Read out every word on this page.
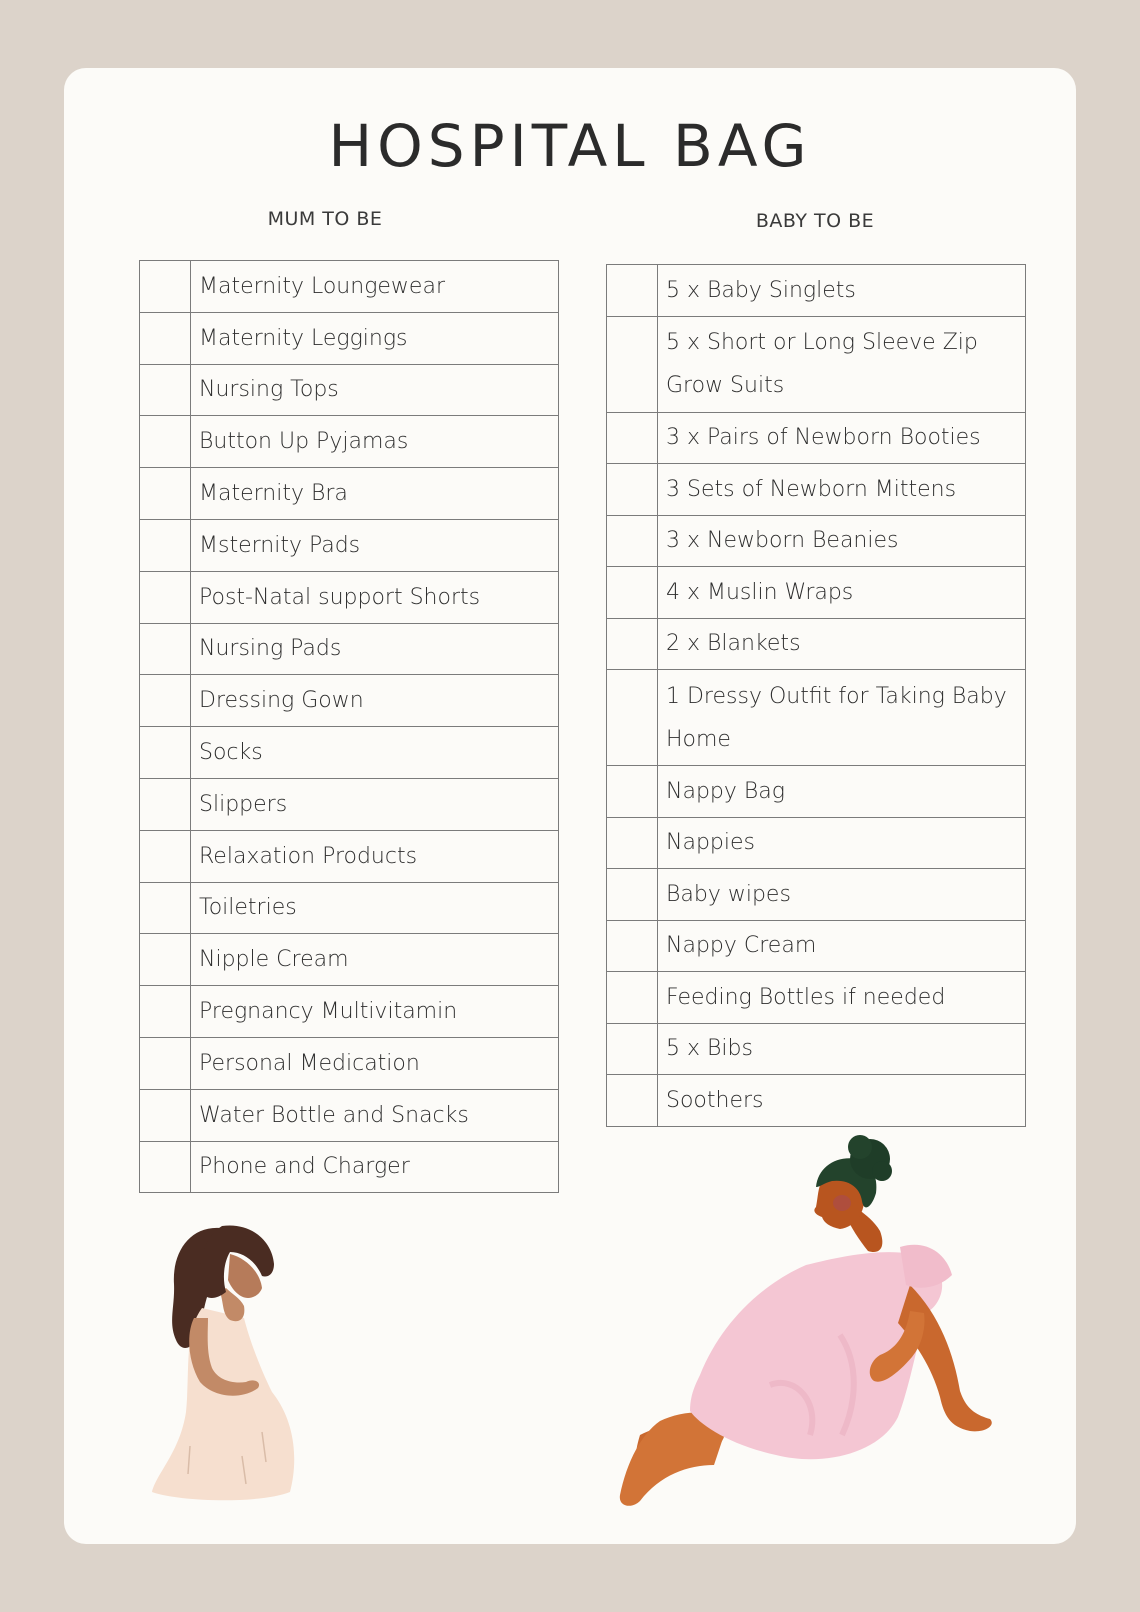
HOSPITAL BAG
MUM TO BE	BABY TO BE
	Maternity Loungewear
	Maternity Leggings
	Nursing Tops
	Button Up Pyjamas
	Maternity Bra
	Msternity Pads
	Post-Natal support Shorts
	Nursing Pads
	Dressing Gown
	Socks
	Slippers
	Relaxation Products
	Toiletries
	Nipple Cream
	Pregnancy Multivitamin
	Personal Medication
	Water Bottle and Snacks
	Phone and Charger
	5 x Baby Singlets
	5 x Short or Long Sleeve Zip Grow Suits
	3 x Pairs of Newborn Booties
	3 Sets of Newborn Mittens
	3 x Newborn Beanies
	4 x Muslin Wraps
	2 x Blankets
	1 Dressy Outfit for Taking Baby Home
	Nappy Bag
	Nappies
	Baby wipes
	Nappy Cream
	Feeding Bottles if needed
	5 x Bibs
	Soothers
